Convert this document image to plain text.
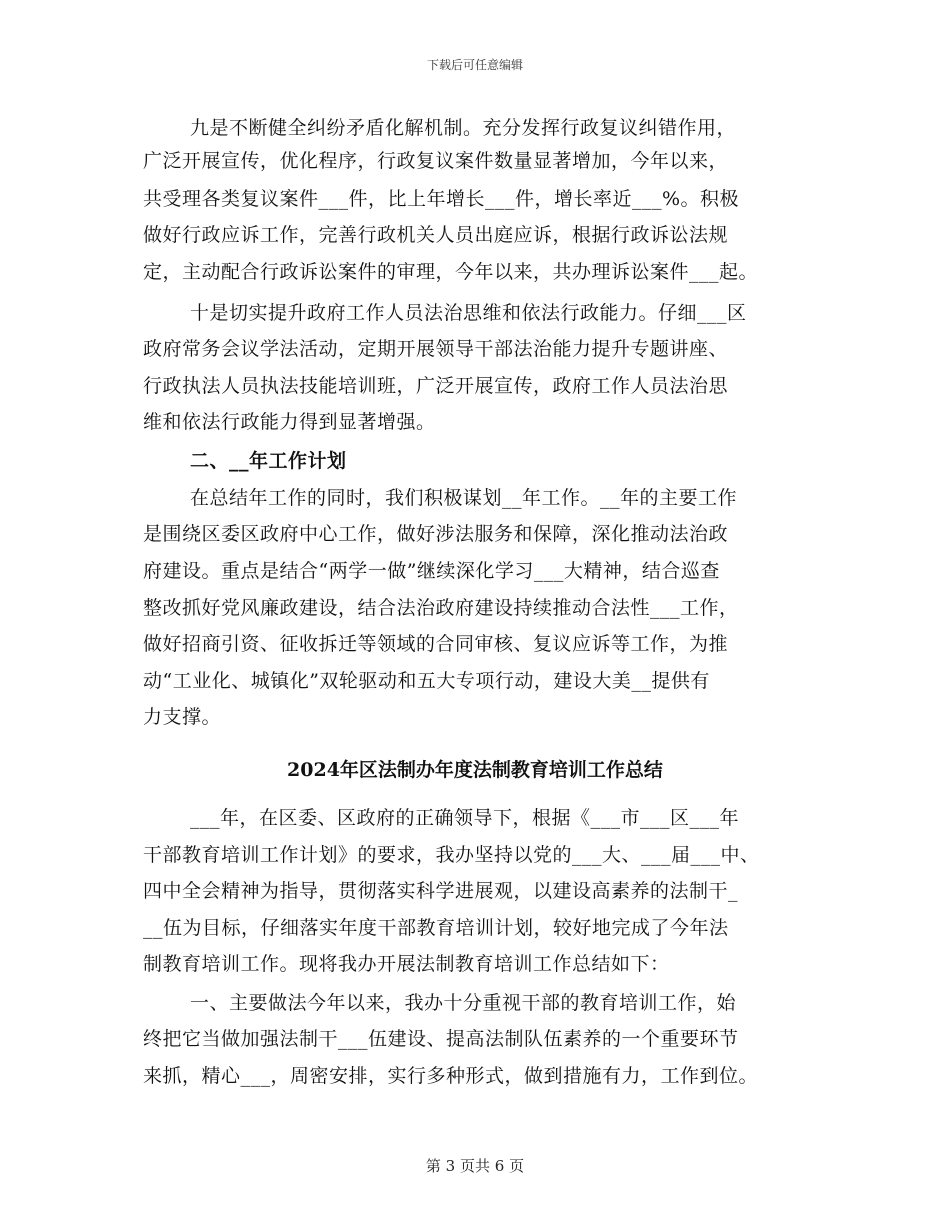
下载后可任意编辑
九是不断健全纠纷矛盾化解机制。充分发挥行政复议纠错作用，
广泛开展宣传，优化程序，行政复议案件数量显著增加，今年以来，
共受理各类复议案件___件，比上年增长___件，增长率近___%。积极
做好行政应诉工作，完善行政机关人员出庭应诉，根据行政诉讼法规
定，主动配合行政诉讼案件的审理，今年以来，共办理诉讼案件___起。
十是切实提升政府工作人员法治思维和依法行政能力。仔细___区
政府常务会议学法活动，定期开展领导干部法治能力提升专题讲座、
行政执法人员执法技能培训班，广泛开展宣传，政府工作人员法治思
维和依法行政能力得到显著增强。
二、__年工作计划
在总结年工作的同时，我们积极谋划__年工作。__年的主要工作
是围绕区委区政府中心工作，做好涉法服务和保障，深化推动法治政
府建设。重点是结合“两学一做”继续深化学习___大精神，结合巡查
整改抓好党风廉政建设，结合法治政府建设持续推动合法性___工作，
做好招商引资、征收拆迁等领域的合同审核、复议应诉等工作，为推
动“工业化、城镇化”双轮驱动和五大专项行动，建设大美__提供有
力支撑。
2024年区法制办年度法制教育培训工作总结
___年，在区委、区政府的正确领导下，根据《___市___区___年
干部教育培训工作计划》的要求，我办坚持以党的___大、___届___中、
四中全会精神为指导，贯彻落实科学进展观，以建设高素养的法制干_
__伍为目标，仔细落实年度干部教育培训计划，较好地完成了今年法
制教育培训工作。现将我办开展法制教育培训工作总结如下：
一、主要做法今年以来，我办十分重视干部的教育培训工作，始
终把它当做加强法制干___伍建设、提高法制队伍素养的一个重要环节
来抓，精心___，周密安排，实行多种形式，做到措施有力，工作到位。
第 3 页共 6 页
